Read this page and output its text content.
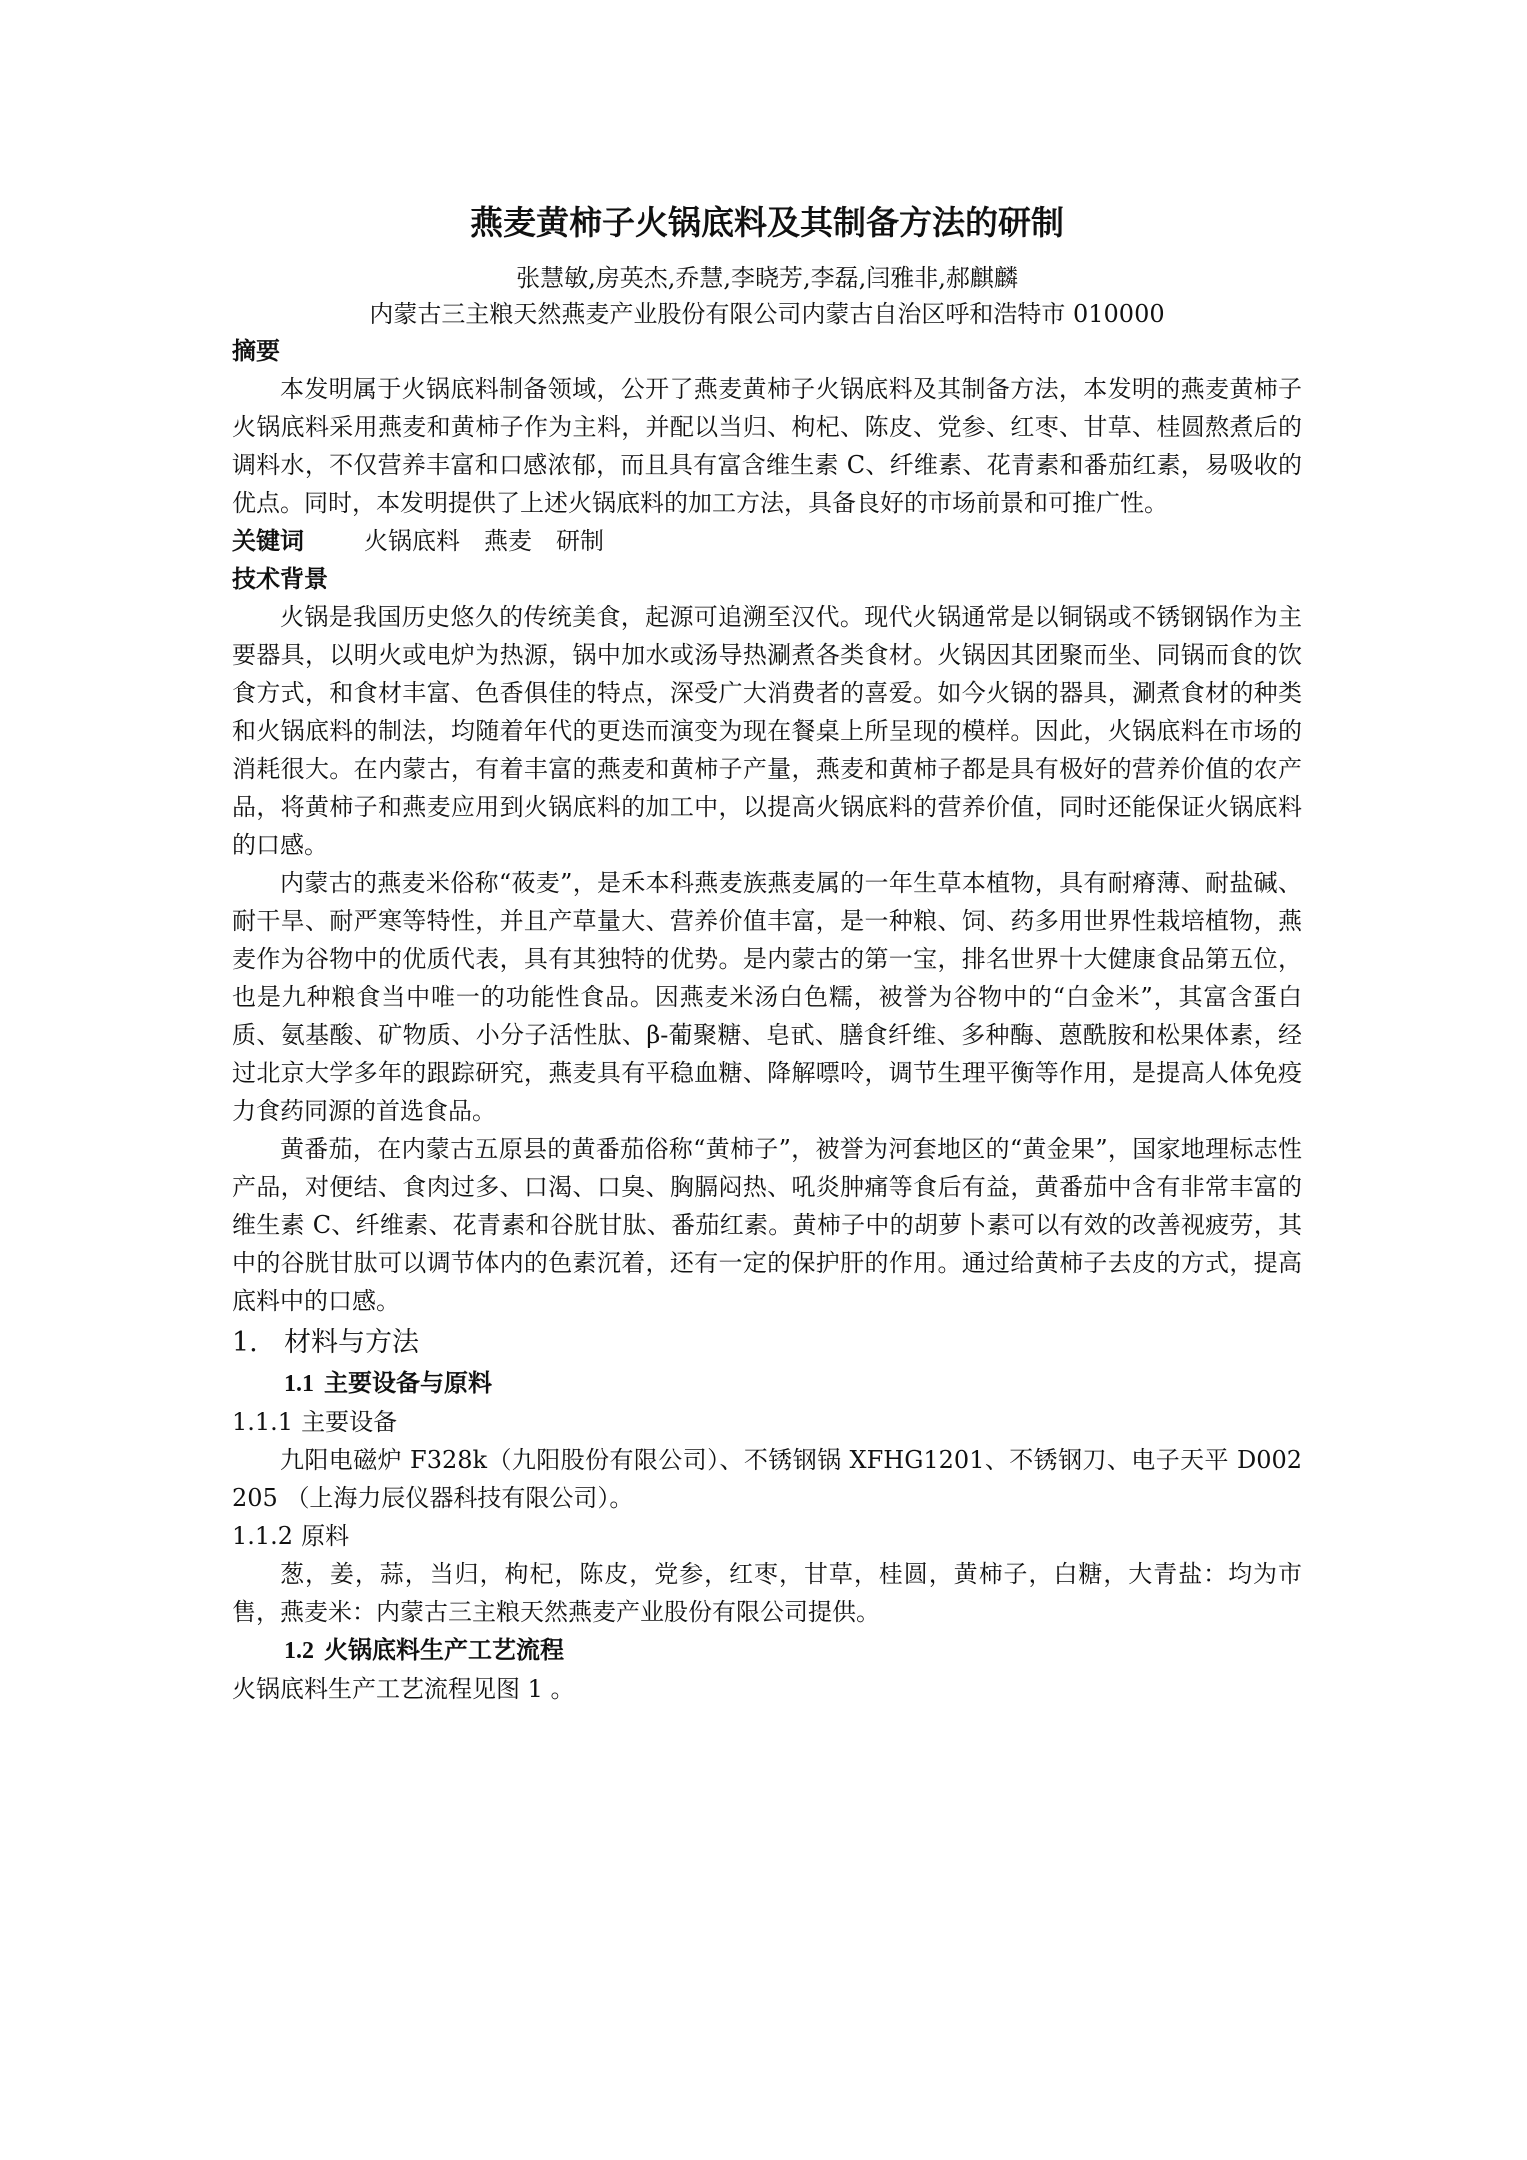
燕麦黄柿子火锅底料及其制备方法的研制
张慧敏,房英杰,乔慧,李晓芳,李磊,闫雅非,郝麒麟
内蒙古三主粮天然燕麦产业股份有限公司内蒙古自治区呼和浩特市 010000
摘要

本发明属于火锅底料制备领域，公开了燕麦黄柿子火锅底料及其制备方法，本发明的燕麦黄柿子火锅底料采用燕麦和黄柿子作为主料，并配以当归、枸杞、陈皮、党参、红枣、甘草、桂圆熬煮后的调料水，不仅营养丰富和口感浓郁，而且具有富含维生素 C、纤维素、花青素和番茄红素，易吸收的优点。同时，本发明提供了上述火锅底料的加工方法，具备良好的市场前景和可推广性。

关键词	火锅底料 燕麦 研制
技术背景

火锅是我国历史悠久的传统美食，起源可追溯至汉代。现代火锅通常是以铜锅或不锈钢锅作为主要器具，以明火或电炉为热源，锅中加水或汤导热涮煮各类食材。火锅因其团聚而坐、同锅而食的饮食方式，和食材丰富、色香俱佳的特点，深受广大消费者的喜爱。如今火锅的器具，涮煮食材的种类和火锅底料的制法，均随着年代的更迭而演变为现在餐桌上所呈现的模样。因此，火锅底料在市场的消耗很大。在内蒙古，有着丰富的燕麦和黄柿子产量，燕麦和黄柿子都是具有极好的营养价值的农产品，将黄柿子和燕麦应用到火锅底料的加工中，以提高火锅底料的营养价值，同时还能保证火锅底料的口感。

内蒙古的燕麦米俗称“莜麦”，是禾本科燕麦族燕麦属的一年生草本植物，具有耐瘠薄、耐盐碱、耐干旱、耐严寒等特性，并且产草量大、营养价值丰富，是一种粮、饲、药多用世界性栽培植物，燕麦作为谷物中的优质代表，具有其独特的优势。是内蒙古的第一宝，排名世界十大健康食品第五位，也是九种粮食当中唯一的功能性食品。因燕麦米汤白色糯，被誉为谷物中的“白金米”，其富含蛋白质、氨基酸、矿物质、小分子活性肽、β-葡聚糖、皂甙、膳食纤维、多种酶、蒽酰胺和松果体素，经过北京大学多年的跟踪研究，燕麦具有平稳血糖、降解嘌呤，调节生理平衡等作用，是提高人体免疫力食药同源的首选食品。

黄番茄，在内蒙古五原县的黄番茄俗称“黄柿子”，被誉为河套地区的“黄金果”，国家地理标志性产品，对便结、食肉过多、口渴、口臭、胸膈闷热、吼炎肿痛等食后有益，黄番茄中含有非常丰富的维生素 C、纤维素、花青素和谷胱甘肽、番茄红素。黄柿子中的胡萝卜素可以有效的改善视疲劳，其中的谷胱甘肽可以调节体内的色素沉着，还有一定的保护肝的作用。通过给黄柿子去皮的方式，提高底料中的口感。

1. 材料与方法
1.1 主要设备与原料
1.1.1 主要设备

九阳电磁炉 F328k（九阳股份有限公司）、不锈钢锅 XFHG1201、不锈钢刀、电子天平 D002205 （上海力辰仪器科技有限公司）。

1.1.2 原料

葱，姜，蒜，当归，枸杞，陈皮，党参，红枣，甘草，桂圆，黄柿子，白糖，大青盐：均为市售，燕麦米：内蒙古三主粮天然燕麦产业股份有限公司提供。

1.2 火锅底料生产工艺流程

火锅底料生产工艺流程见图 1 。
